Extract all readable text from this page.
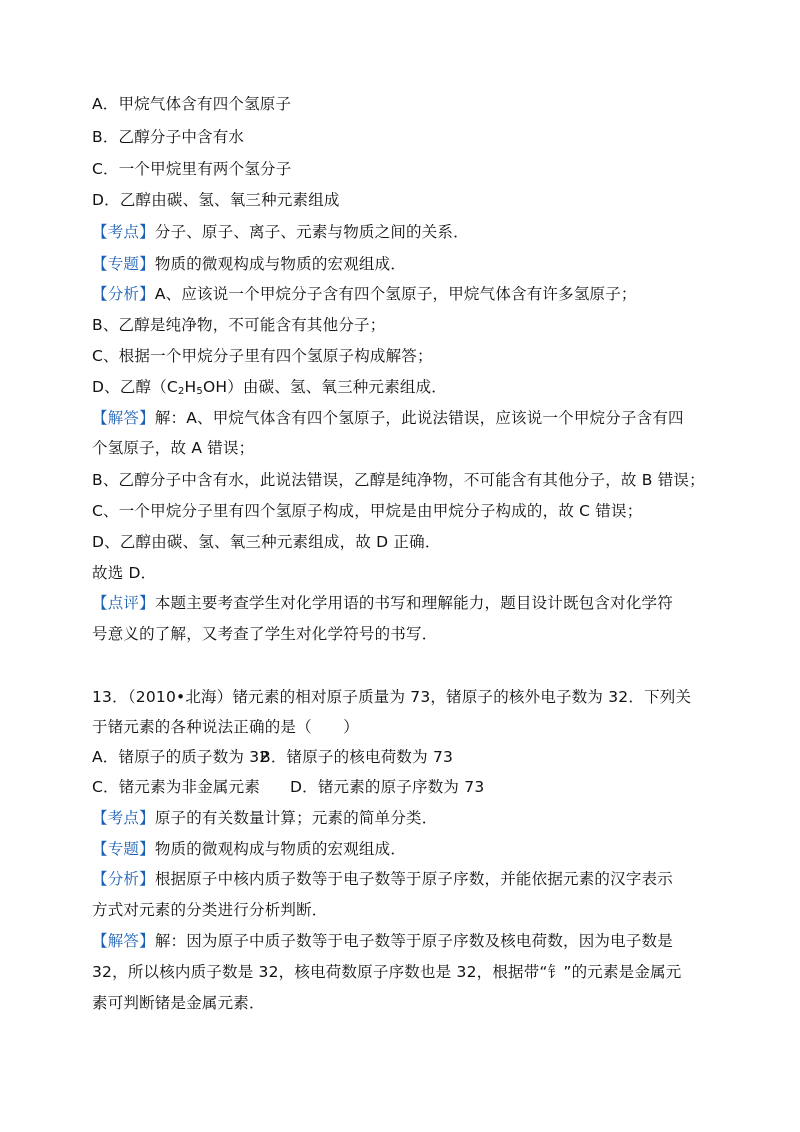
A．甲烷气体含有四个氢原子
B．乙醇分子中含有水
C．一个甲烷里有两个氢分子
D．乙醇由碳、氢、氧三种元素组成
【考点】分子、原子、离子、元素与物质之间的关系．
【专题】物质的微观构成与物质的宏观组成．
【分析】A、应该说一个甲烷分子含有四个氢原子，甲烷气体含有许多氢原子；
B、乙醇是纯净物，不可能含有其他分子；
C、根据一个甲烷分子里有四个氢原子构成解答；
D、乙醇$(C_2H_5OH)$由碳、氢、氧三种元素组成．
【解答】解：A、甲烷气体含有四个氢原子，此说法错误，应该说一个甲烷分子含有四
个氢原子，故 A 错误；
B、乙醇分子中含有水，此说法错误，乙醇是纯净物，不可能含有其他分子，故 B 错误；
C、一个甲烷分子里有四个氢原子构成，甲烷是由甲烷分子构成的，故 C 错误；
D、乙醇由碳、氢、氧三种元素组成，故 D 正确．
故选 D．
【点评】本题主要考查学生对化学用语的书写和理解能力，题目设计既包含对化学符
号意义的了解，又考查了学生对化学符号的书写．
13．（2010•北海）锗元素的相对原子质量为 73，锗原子的核外电子数为 32．下列关
于锗元素的各种说法正确的是（　　）
A．锗原子的质子数为 32
B．锗原子的核电荷数为 73
C．锗元素为非金属元素 D．锗元素的原子序数为 73
【考点】原子的有关数量计算；元素的简单分类．
【专题】物质的微观构成与物质的宏观组成．
【分析】根据原子中核内质子数等于电子数等于原子序数，并能依据元素的汉字表示
方式对元素的分类进行分析判断．
【解答】解：因为原子中质子数等于电子数等于原子序数及核电荷数，因为电子数是
32，所以核内质子数是 32，核电荷数原子序数也是 32，根据带“钅”的元素是金属元
素可判断锗是金属元素．
